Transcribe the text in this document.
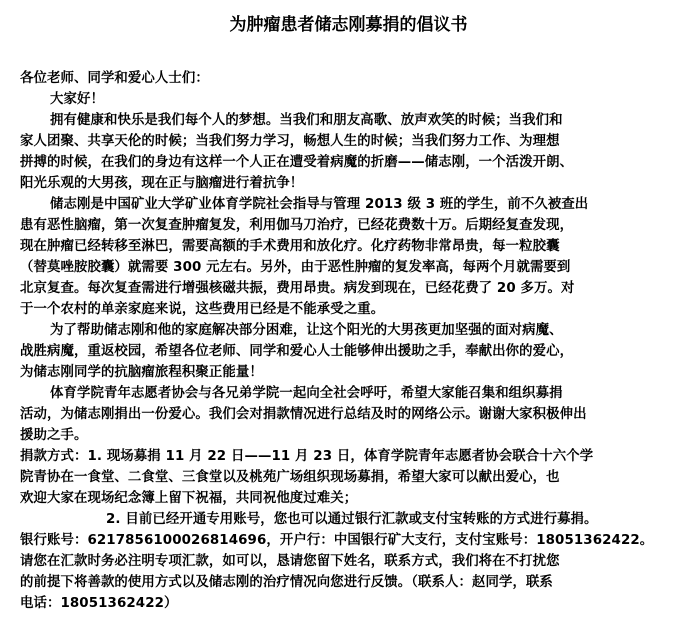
为肿瘤患者储志刚募捐的倡议书
各位老师、同学和爱心人士们：
大家好！
拥有健康和快乐是我们每个人的梦想。当我们和朋友高歌、放声欢笑的时候；当我们和
家人团聚、共享天伦的时候；当我们努力学习，畅想人生的时候；当我们努力工作、为理想
拼搏的时候，在我们的身边有这样一个人正在遭受着病魔的折磨——储志刚，一个活泼开朗、
阳光乐观的大男孩，现在正与脑瘤进行着抗争！
储志刚是中国矿业大学矿业体育学院社会指导与管理 2013 级 3 班的学生，前不久被查出
患有恶性脑瘤，第一次复查肿瘤复发，利用伽马刀治疗，已经花费数十万。后期经复查发现，
现在肿瘤已经转移至淋巴，需要高额的手术费用和放化疗。化疗药物非常昂贵，每一粒胶囊
（替莫唑胺胶囊）就需要 300 元左右。另外，由于恶性肿瘤的复发率高，每两个月就需要到
北京复查。每次复查需进行增强核磁共振，费用昂贵。病发到现在，已经花费了 20 多万。对
于一个农村的单亲家庭来说，这些费用已经是不能承受之重。
为了帮助储志刚和他的家庭解决部分困难，让这个阳光的大男孩更加坚强的面对病魔、
战胜病魔，重返校园，希望各位老师、同学和爱心人士能够伸出援助之手，奉献出你的爱心，
为储志刚同学的抗脑瘤旅程积聚正能量！
体育学院青年志愿者协会与各兄弟学院一起向全社会呼吁，希望大家能召集和组织募捐
活动，为储志刚捐出一份爱心。我们会对捐款情况进行总结及时的网络公示。谢谢大家积极伸出
援助之手。
捐款方式：1. 现场募捐 11 月 22 日——11 月 23 日，体育学院青年志愿者协会联合十六个学
院青协在一食堂、二食堂、三食堂以及桃苑广场组织现场募捐，希望大家可以献出爱心，也
欢迎大家在现场纪念簿上留下祝福，共同祝他度过难关；
2. 目前已经开通专用账号，您也可以通过银行汇款或支付宝转账的方式进行募捐。
银行账号：6217856100026814696，开户行：中国银行矿大支行，支付宝账号：18051362422。
请您在汇款时务必注明专项汇款，如可以，恳请您留下姓名，联系方式，我们将在不打扰您
的前提下将善款的使用方式以及储志刚的治疗情况向您进行反馈。（联系人：赵同学，联系
电话：18051362422）
